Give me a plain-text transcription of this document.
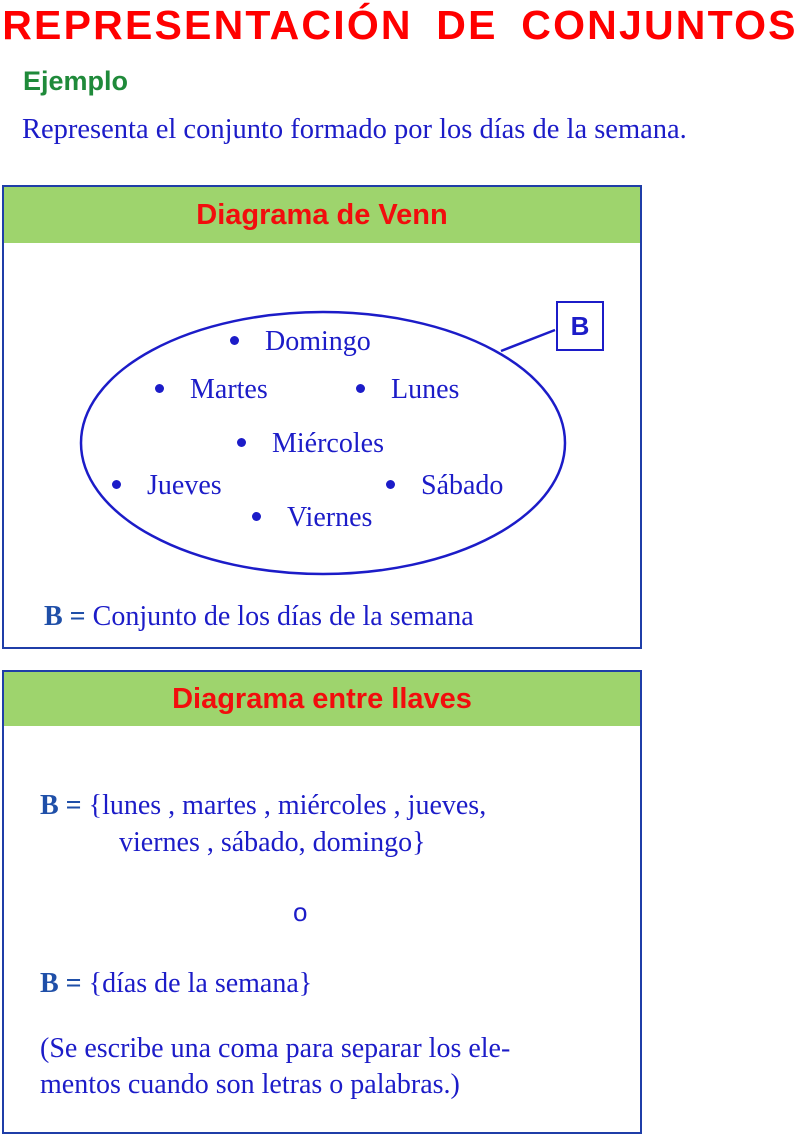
REPRESENTACIÓN DE CONJUNTOS
Ejemplo
Representa el conjunto formado por los días de la semana.
Diagrama de Venn
B
Domingo
Martes	Lunes
Miércoles
Jueves	Sábado
Viernes
B = Conjunto de los días de la semana
Diagrama entre llaves
B = {lunes , martes , miércoles , jueves,
viernes , sábado, domingo}
o
B = {días de la semana}
(Se escribe una coma para separar los ele-
mentos cuando son letras o palabras.)
